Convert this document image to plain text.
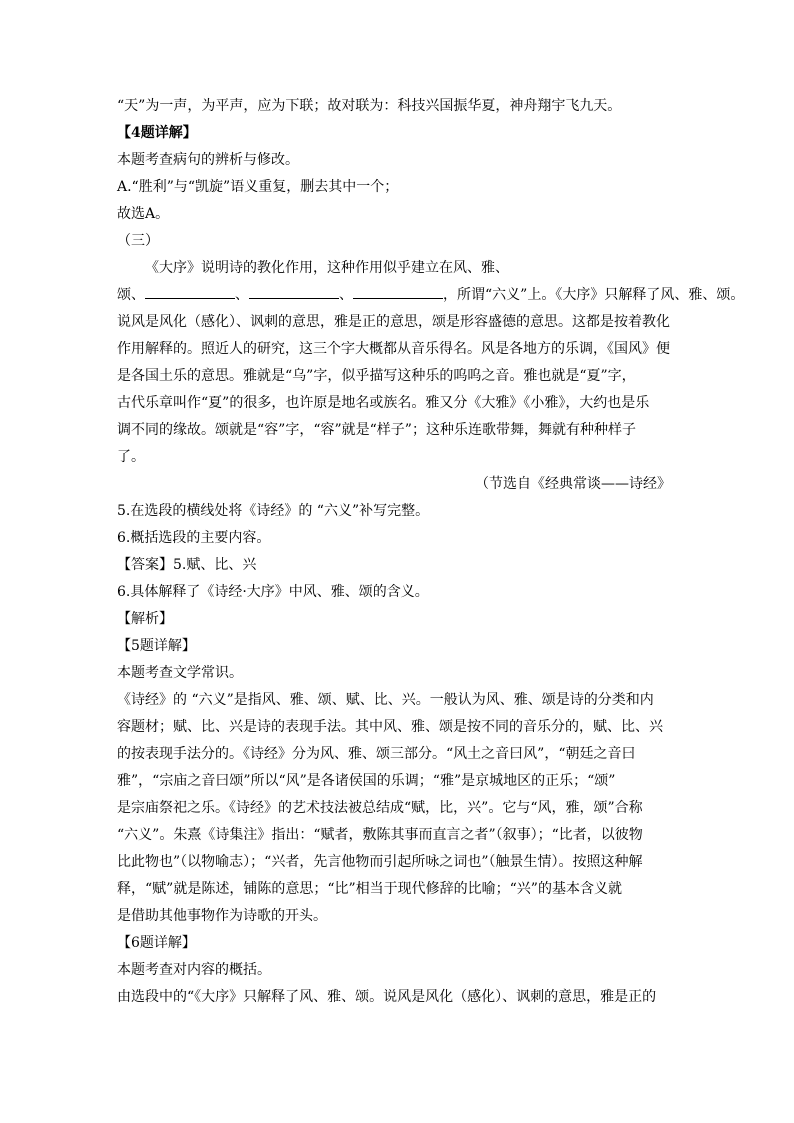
“天”为一声，为平声，应为下联；故对联为：科技兴国振华夏，神舟翔宇飞九天。
【4题详解】
本题考查病句的辨析与修改。
A.“胜利”与“凯旋”语义重复，删去其中一个；
故选A。
（三）
《大序》说明诗的教化作用，这种作用似乎建立在风、雅、
颂、	、	、	，所谓“六义”上。《大序》只解释了风、雅、颂。
说风是风化（感化）、讽刺的意思，雅是正的意思，颂是形容盛德的意思。这都是按着教化
作用解释的。照近人的研究，这三个字大概都从音乐得名。风是各地方的乐调，《国风》便
是各国土乐的意思。雅就是“乌”字，似乎描写这种乐的呜呜之音。雅也就是“夏”字，
古代乐章叫作“夏”的很多，也许原是地名或族名。雅又分《大雅》《小雅》，大约也是乐
调不同的缘故。颂就是“容”字，“容”就是“样子”；这种乐连歌带舞，舞就有种种样子
了。
（节选自《经典常谈——诗经》
5.在选段的横线处将《诗经》的 “六义”补写完整。
6.概括选段的主要内容。
【答案】5.赋、比、兴
6.具体解释了《诗经·大序》中风、雅、颂的含义。
【解析】
【5题详解】
本题考查文学常识。
《诗经》的 “六义”是指风、雅、颂、赋、比、兴。一般认为风、雅、颂是诗的分类和内
容题材；赋、比、兴是诗的表现手法。其中风、雅、颂是按不同的音乐分的，赋、比、兴
的按表现手法分的。《诗经》分为风、雅、颂三部分。“风土之音曰风”，“朝廷之音曰
雅”，“宗庙之音曰颂”所以“风”是各诸侯国的乐调；“雅”是京城地区的正乐；“颂”
是宗庙祭祀之乐。《诗经》的艺术技法被总结成“赋，比，兴”。它与“风，雅，颂”合称
“六义”。朱熹《诗集注》指出：“赋者，敷陈其事而直言之者”（叙事）；“比者，以彼物
比此物也”（以物喻志）；“兴者，先言他物而引起所咏之词也”（触景生情）。按照这种解
释，“赋”就是陈述，铺陈的意思；“比”相当于现代修辞的比喻；“兴”的基本含义就
是借助其他事物作为诗歌的开头。
【6题详解】
本题考查对内容的概括。
由选段中的“《大序》只解释了风、雅、颂。说风是风化（感化）、讽刺的意思，雅是正的
